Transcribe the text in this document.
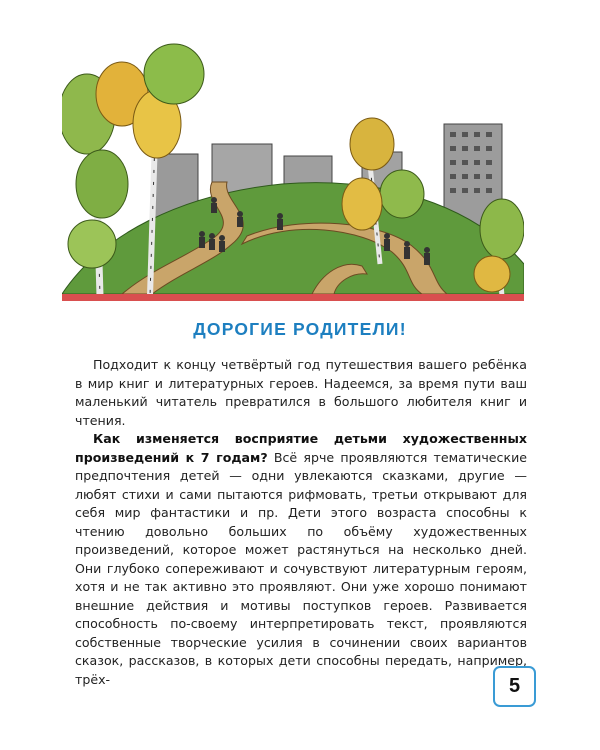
ДОРОГИЕ РОДИТЕЛИ!

Подходит к концу четвёртый год путешествия вашего ребёнка в мир книг и литературных героев. Надеемся, за время пути ваш маленький читатель превратился в большого любителя книг и чтения.

Как изменяется восприятие детьми художественных произведений к 7 годам? Всё ярче проявляются тематические предпочтения детей — одни увлекаются сказками, другие — любят стихи и сами пытаются рифмовать, третьи открывают для себя мир фантастики и пр. Дети этого возраста способны к чтению довольно больших по объёму художественных произведений, которое может растянуться на несколько дней. Они глубоко сопереживают и сочувствуют литературным героям, хотя и не так активно это проявляют. Они уже хорошо понимают внешние действия и мотивы поступков героев. Развивается способность по-своему интерпретировать текст, проявляются собственные творческие усилия в сочинении своих вариантов сказок, рассказов, в которых дети способны передать, например, трёх-	5
